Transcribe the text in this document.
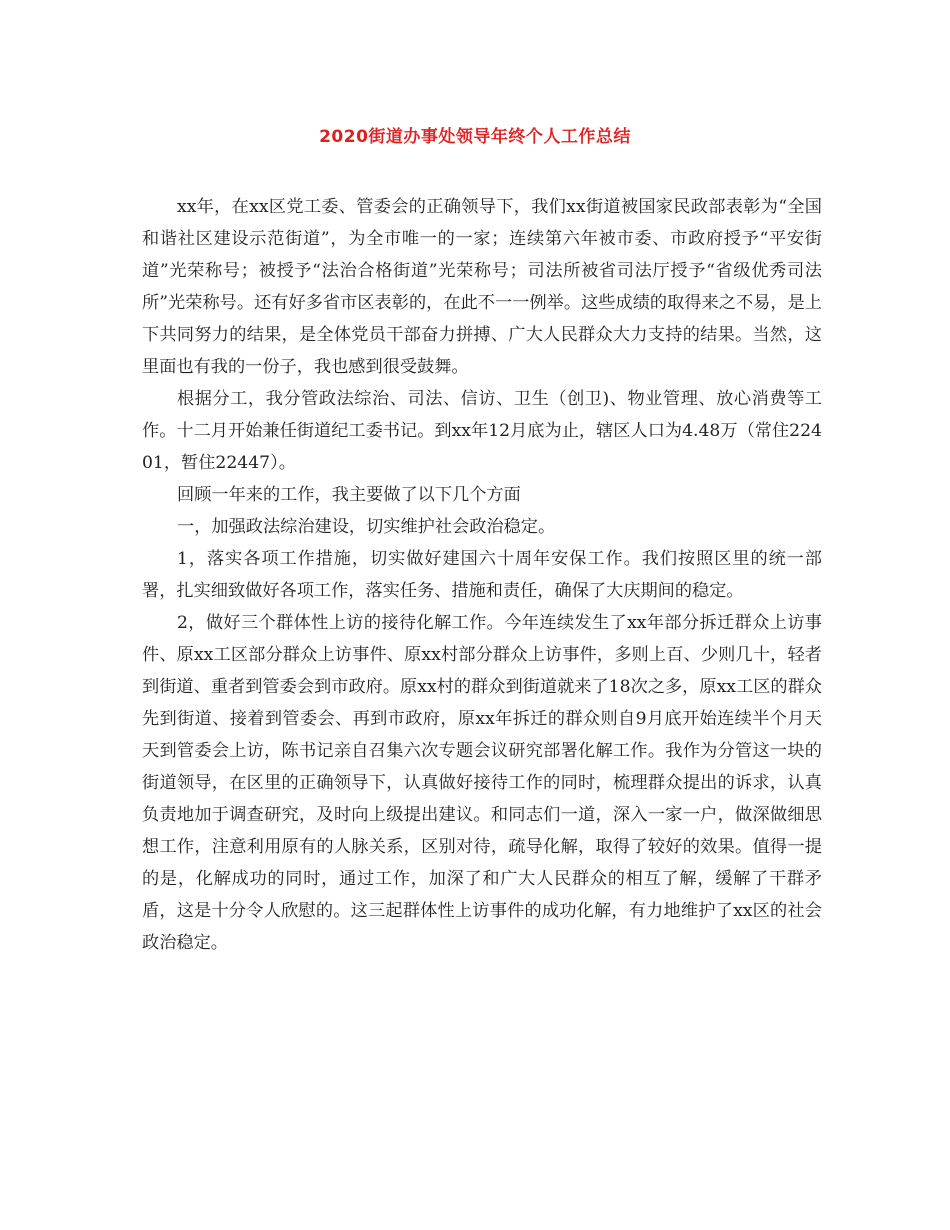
2020街道办事处领导年终个人工作总结

xx年，在xx区党工委、管委会的正确领导下，我们xx街道被国家民政部表彰为“全国和谐社区建设示范街道”，为全市唯一的一家；连续第六年被市委、市政府授予“平安街道”光荣称号；被授予“法治合格街道”光荣称号；司法所被省司法厅授予“省级优秀司法所”光荣称号。还有好多省市区表彰的，在此不一一例举。这些成绩的取得来之不易，是上下共同努力的结果，是全体党员干部奋力拼搏、广大人民群众大力支持的结果。当然，这里面也有我的一份子，我也感到很受鼓舞。

根据分工，我分管政法综治、司法、信访、卫生（创卫)、物业管理、放心消费等工作。十二月开始兼任街道纪工委书记。到xx年12月底为止，辖区人口为4.48万（常住22401，暂住22447）。

回顾一年来的工作，我主要做了以下几个方面

一，加强政法综治建设，切实维护社会政治稳定。

1，落实各项工作措施，切实做好建国六十周年安保工作。我们按照区里的统一部署，扎实细致做好各项工作，落实任务、措施和责任，确保了大庆期间的稳定。

2，做好三个群体性上访的接待化解工作。今年连续发生了xx年部分拆迁群众上访事件、原xx工区部分群众上访事件、原xx村部分群众上访事件，多则上百、少则几十，轻者到街道、重者到管委会到市政府。原xx村的群众到街道就来了18次之多，原xx工区的群众先到街道、接着到管委会、再到市政府，原xx年拆迁的群众则自9月底开始连续半个月天天到管委会上访，陈书记亲自召集六次专题会议研究部署化解工作。我作为分管这一块的街道领导，在区里的正确领导下，认真做好接待工作的同时，梳理群众提出的诉求，认真负责地加于调查研究，及时向上级提出建议。和同志们一道，深入一家一户，做深做细思想工作，注意利用原有的人脉关系，区别对待，疏导化解，取得了较好的效果。值得一提的是，化解成功的同时，通过工作，加深了和广大人民群众的相互了解，缓解了干群矛盾，这是十分令人欣慰的。这三起群体性上访事件的成功化解，有力地维护了xx区的社会政治稳定。
